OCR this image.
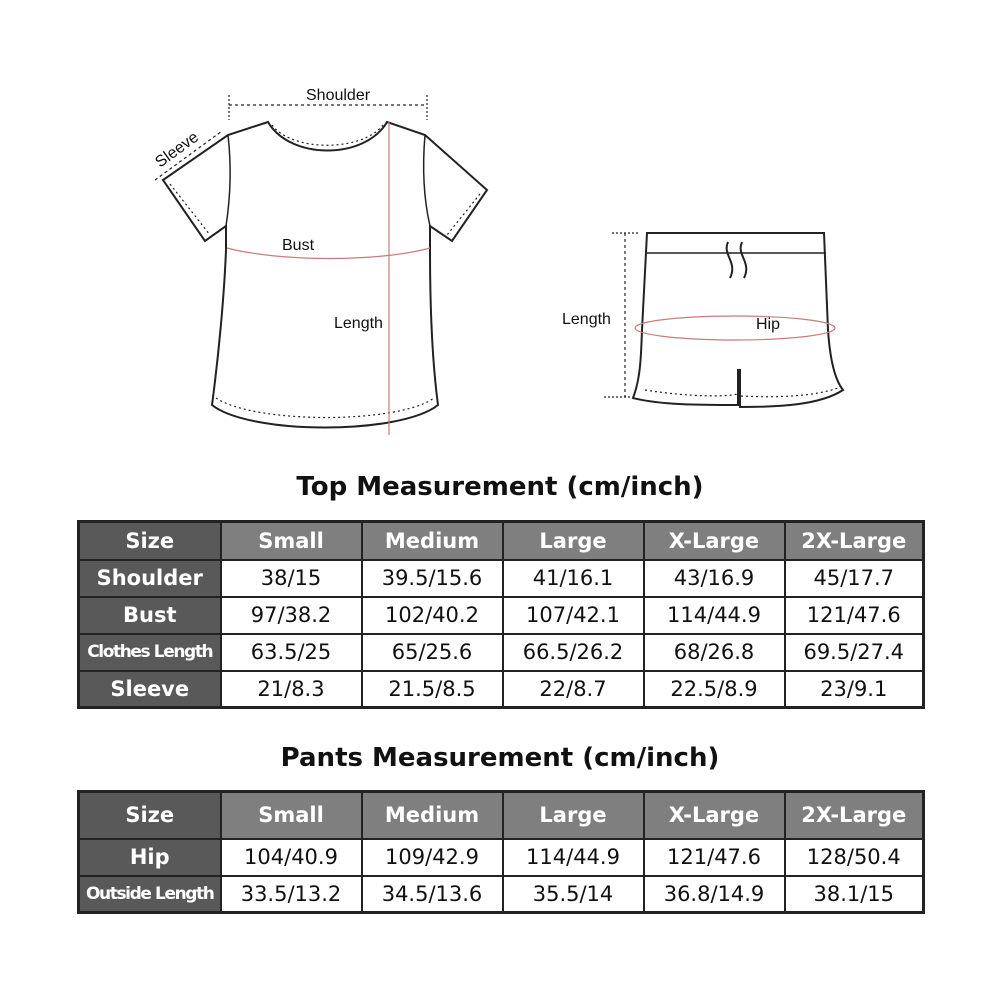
Shoulder
Sleeve
Bust
Length	Length	Hip
Top Measurement (cm/inch)
Size	Small	Medium	Large	X-Large	2X-Large
Shoulder	38/15	39.5/15.6	41/16.1	43/16.9	45/17.7
Bust	97/38.2	102/40.2	107/42.1	114/44.9	121/47.6
Clothes Length	63.5/25	65/25.6	66.5/26.2	68/26.8	69.5/27.4
Sleeve	21/8.3	21.5/8.5	22/8.7	22.5/8.9	23/9.1
Pants Measurement (cm/inch)
Size	Small	Medium	Large	X-Large	2X-Large
Hip	104/40.9	109/42.9	114/44.9	121/47.6	128/50.4
Outside Length	33.5/13.2	34.5/13.6	35.5/14	36.8/14.9	38.1/15
